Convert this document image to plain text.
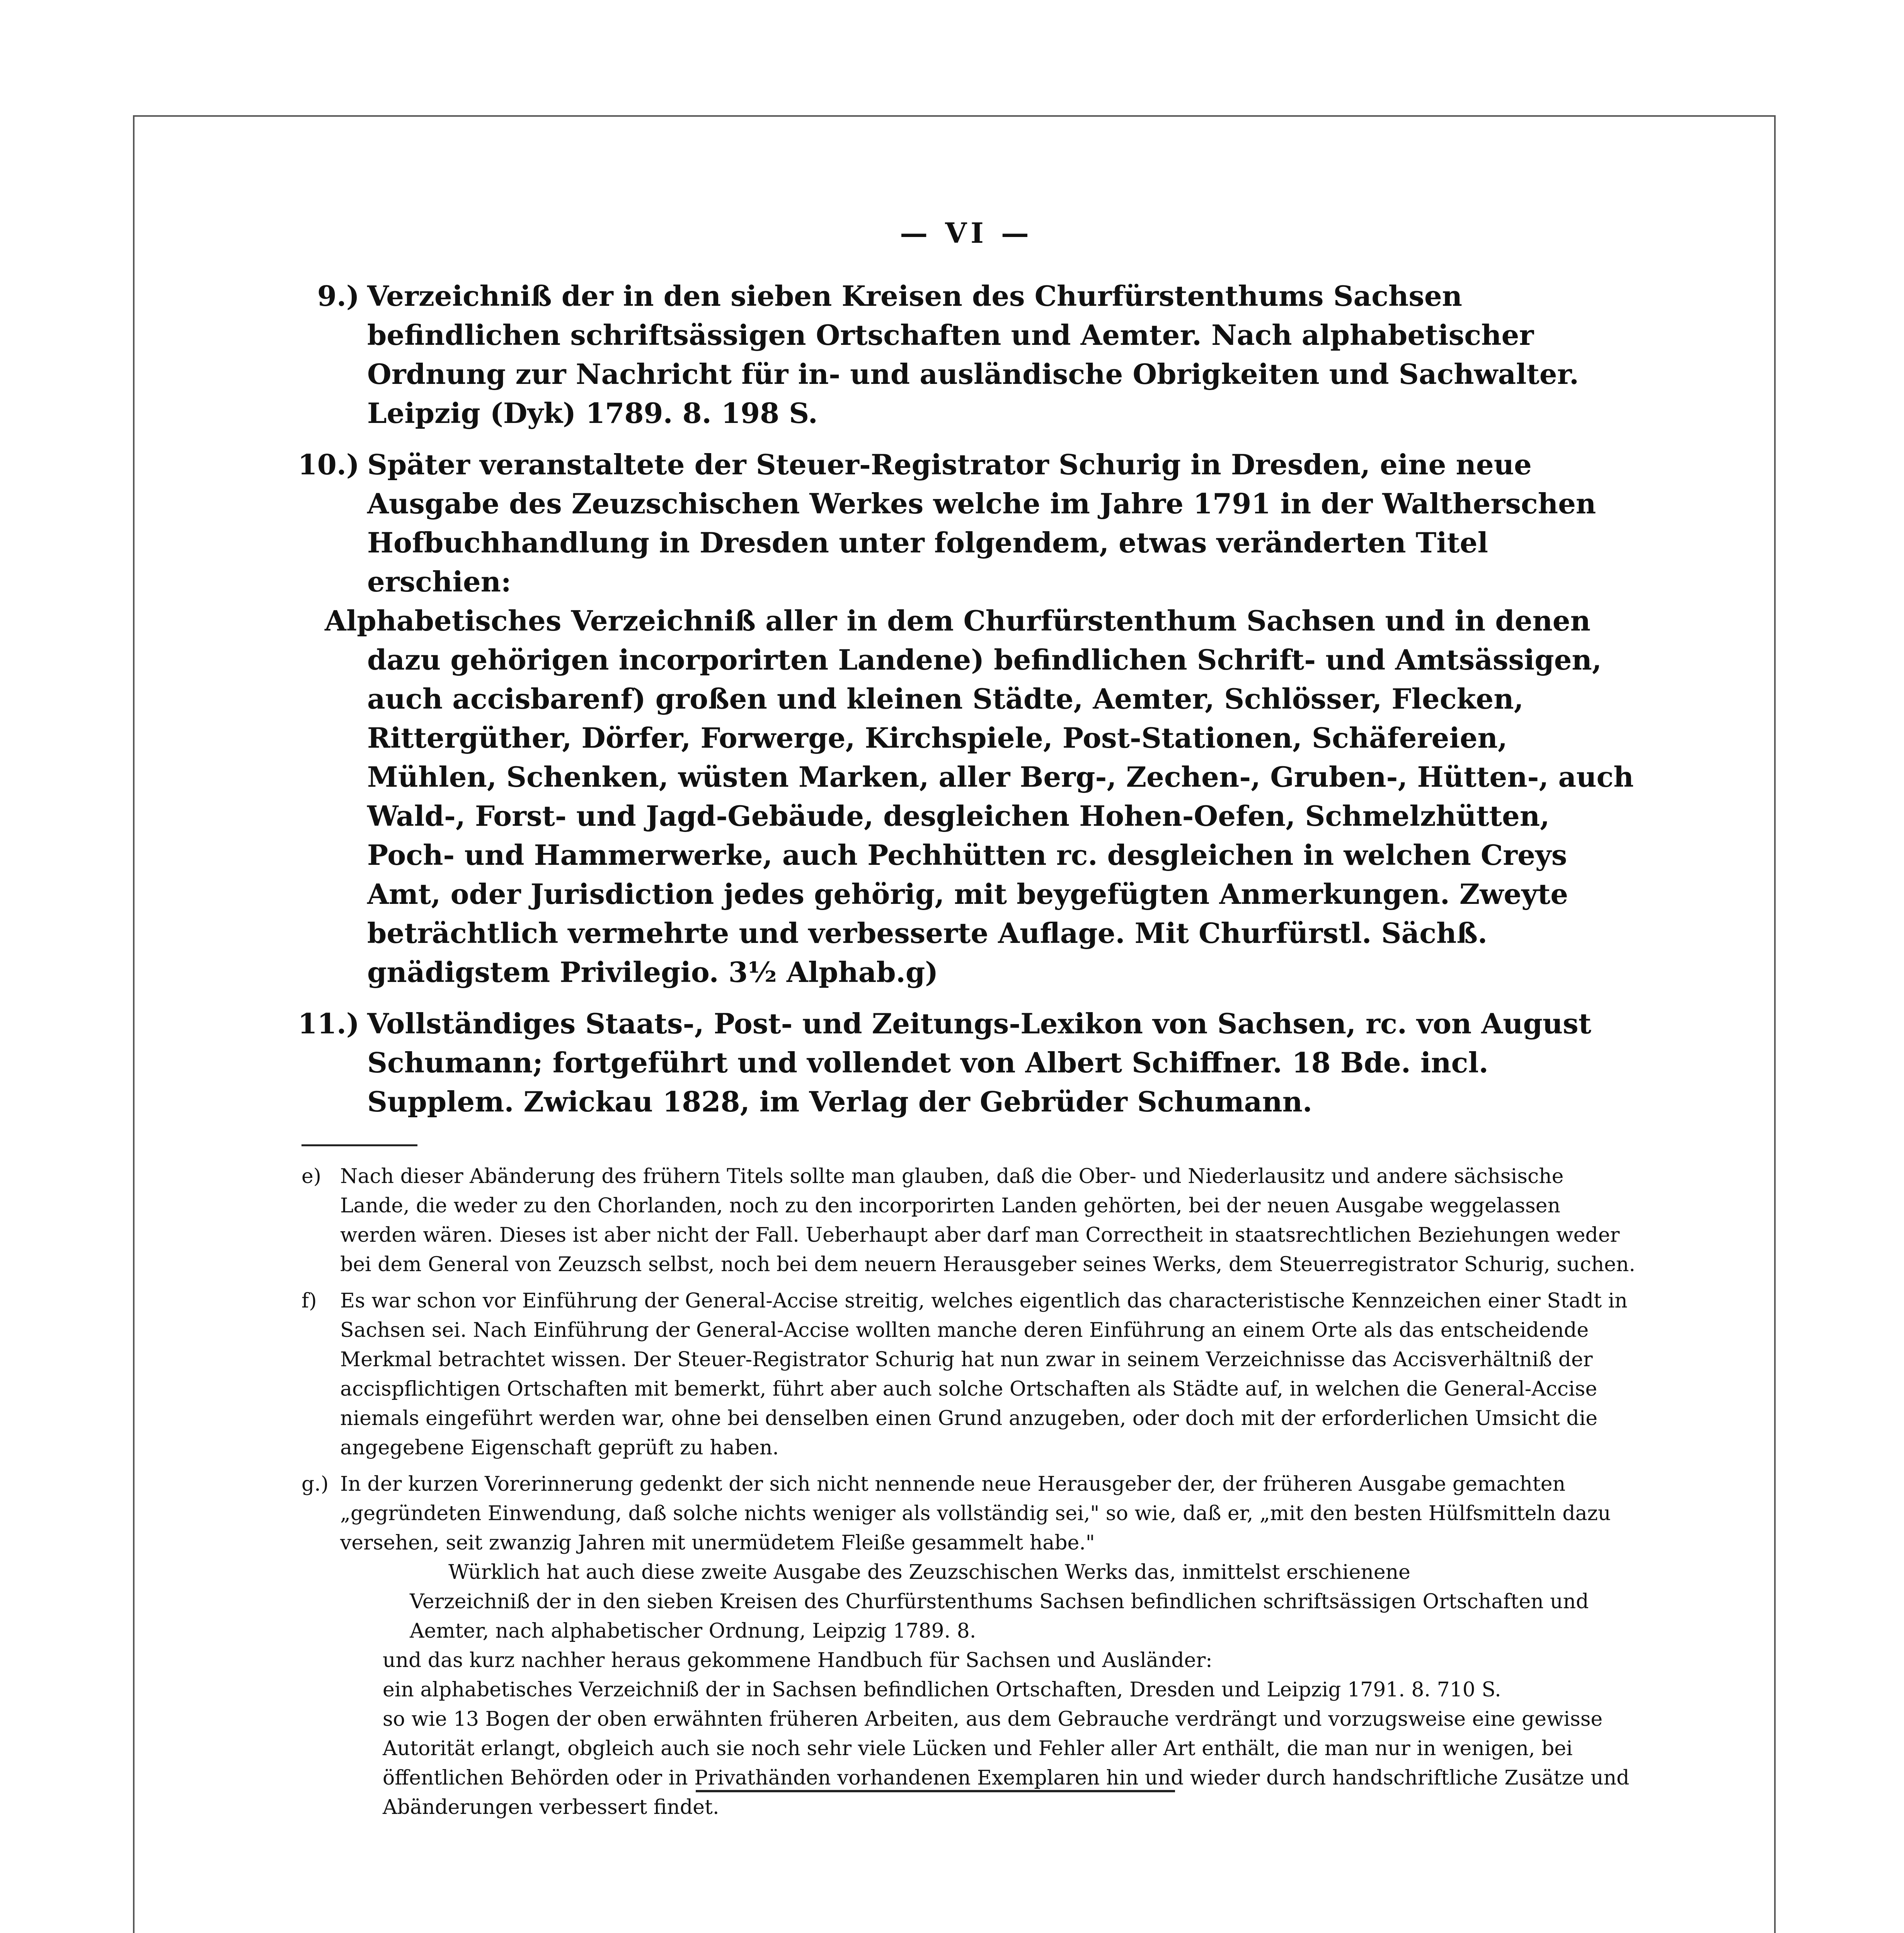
— VI —
9.) Verzeichniß der in den sieben Kreisen des Churfürstenthums Sachsen befindlichen schriftsässigen Ortschaften und Aemter. Nach alphabetischer Ordnung zur Nachricht für in- und ausländische Obrigkeiten und Sachwalter. Leipzig (Dyk) 1789. 8. 198 S.
10.) Später veranstaltete der Steuer-Registrator Schurig in Dresden, eine neue Ausgabe des Zeuzschischen Werkes welche im Jahre 1791 in der Waltherschen Hofbuchhandlung in Dresden unter folgendem, etwas veränderten Titel erschien:
Alphabetisches Verzeichniß aller in dem Churfürstenthum Sachsen und in denen dazu gehörigen incorporirten Landene) befindlichen Schrift- und Amtsässigen, auch accisbarenf) großen und kleinen Städte, Aemter, Schlösser, Flecken, Rittergüther, Dörfer, Forwerge, Kirchspiele, Post-Stationen, Schäfereien, Mühlen, Schenken, wüsten Marken, aller Berg-, Zechen-, Gruben-, Hütten-, auch Wald-, Forst- und Jagd-Gebäude, desgleichen Hohen-Oefen, Schmelzhütten, Poch- und Hammerwerke, auch Pechhütten rc. desgleichen in welchen Creys Amt, oder Jurisdiction jedes gehörig, mit beygefügten Anmerkungen. Zweyte beträchtlich vermehrte und verbesserte Auflage. Mit Churfürstl. Sächß. gnädigstem Privilegio. 3½ Alphab.g)
11.) Vollständiges Staats-, Post- und Zeitungs-Lexikon von Sachsen, rc. von August Schumann; fortgeführt und vollendet von Albert Schiffner. 18 Bde. incl. Supplem. Zwickau 1828, im Verlag der Gebrüder Schumann.
e) Nach dieser Abänderung des frühern Titels sollte man glauben, daß die Ober- und Niederlausitz und andere sächsische Lande, die weder zu den Chorlanden, noch zu den incorporirten Landen gehörten, bei der neuen Ausgabe weggelassen werden wären. Dieses ist aber nicht der Fall. Ueberhaupt aber darf man Correctheit in staatsrechtlichen Beziehungen weder bei dem General von Zeuzsch selbst, noch bei dem neuern Herausgeber seines Werks, dem Steuerregistrator Schurig, suchen.
f) Es war schon vor Einführung der General-Accise streitig, welches eigentlich das characteristische Kennzeichen einer Stadt in Sachsen sei. Nach Einführung der General-Accise wollten manche deren Einführung an einem Orte als das entscheidende Merkmal betrachtet wissen. Der Steuer-Registrator Schurig hat nun zwar in seinem Verzeichnisse das Accisverhältniß der accispflichtigen Ortschaften mit bemerkt, führt aber auch solche Ortschaften als Städte auf, in welchen die General-Accise niemals eingeführt werden war, ohne bei denselben einen Grund anzugeben, oder doch mit der erforderlichen Umsicht die angegebene Eigenschaft geprüft zu haben.
g.) In der kurzen Vorerinnerung gedenkt der sich nicht nennende neue Herausgeber der, der früheren Ausgabe gemachten „gegründeten Einwendung, daß solche nichts weniger als vollständig sei," so wie, daß er, „mit den besten Hülfsmitteln dazu versehen, seit zwanzig Jahren mit unermüdetem Fleiße gesammelt habe."
Würklich hat auch diese zweite Ausgabe des Zeuzschischen Werks das, inmittelst erschienene
Verzeichniß der in den sieben Kreisen des Churfürstenthums Sachsen befindlichen schriftsässigen Ortschaften und Aemter, nach alphabetischer Ordnung, Leipzig 1789. 8.
und das kurz nachher heraus gekommene Handbuch für Sachsen und Ausländer:
ein alphabetisches Verzeichniß der in Sachsen befindlichen Ortschaften, Dresden und Leipzig 1791. 8. 710 S.
so wie 13 Bogen der oben erwähnten früheren Arbeiten, aus dem Gebrauche verdrängt und vorzugsweise eine gewisse Autorität erlangt, obgleich auch sie noch sehr viele Lücken und Fehler aller Art enthält, die man nur in wenigen, bei öffentlichen Behörden oder in Privathänden vorhandenen Exemplaren hin und wieder durch handschriftliche Zusätze und Abänderungen verbessert findet.
